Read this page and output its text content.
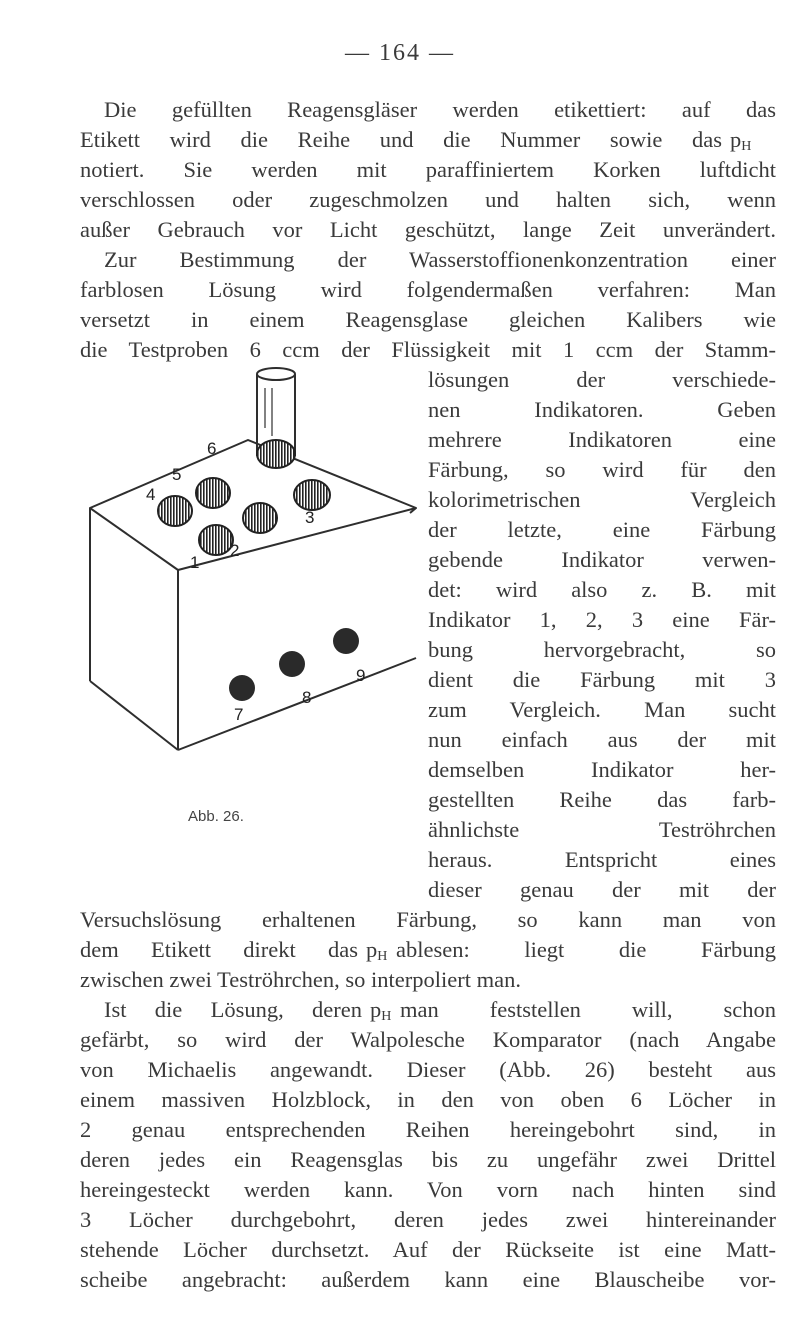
— 164 —
Die gefüllten Reagensgläser werden etikettiert: auf das
Etikett wird die Reihe und die Nummer sowie das $p_H$
notiert. Sie werden mit paraffiniertem Korken luftdicht
verschlossen oder zugeschmolzen und halten sich, wenn
außer Gebrauch vor Licht geschützt, lange Zeit unverändert.
Zur Bestimmung der Wasserstoffionenkonzentration einer
farblosen Lösung wird folgendermaßen verfahren: Man
versetzt in einem Reagensglase gleichen Kalibers wie
die Testproben 6 ccm der Flüssigkeit mit 1 ccm der Stamm-
lösungen der verschiede-
nen Indikatoren. Geben
mehrere Indikatoren eine
Färbung, so wird für den
kolorimetrischen Vergleich
der letzte, eine Färbung
gebende Indikator verwen-
det: wird also z. B. mit
Indikator 1, 2, 3 eine Fär-
bung hervorgebracht, so
dient die Färbung mit 3
zum Vergleich. Man sucht
nun einfach aus der mit
demselben Indikator her-
gestellten Reihe das farb-
ähnlichste Teströhrchen
heraus. Entspricht eines
dieser genau der mit der
Versuchslösung erhaltenen Färbung, so kann man von
dem Etikett direkt das $p_H$ ablesen: liegt die Färbung
zwischen zwei Teströhrchen, so interpoliert man.
Ist die Lösung, deren $p_H$ man feststellen will, schon
gefärbt, so wird der Walpolesche Komparator (nach Angabe
von Michaelis angewandt. Dieser (Abb. 26) besteht aus
einem massiven Holzblock, in den von oben 6 Löcher in
2 genau entsprechenden Reihen hereingebohrt sind, in
deren jedes ein Reagensglas bis zu ungefähr zwei Drittel
hereingesteckt werden kann. Von vorn nach hinten sind
3 Löcher durchgebohrt, deren jedes zwei hintereinander
stehende Löcher durchsetzt. Auf der Rückseite ist eine Matt-
scheibe angebracht: außerdem kann eine Blauscheibe vor-
6
5
4
3
2
1
9
8
7
Abb. 26.
